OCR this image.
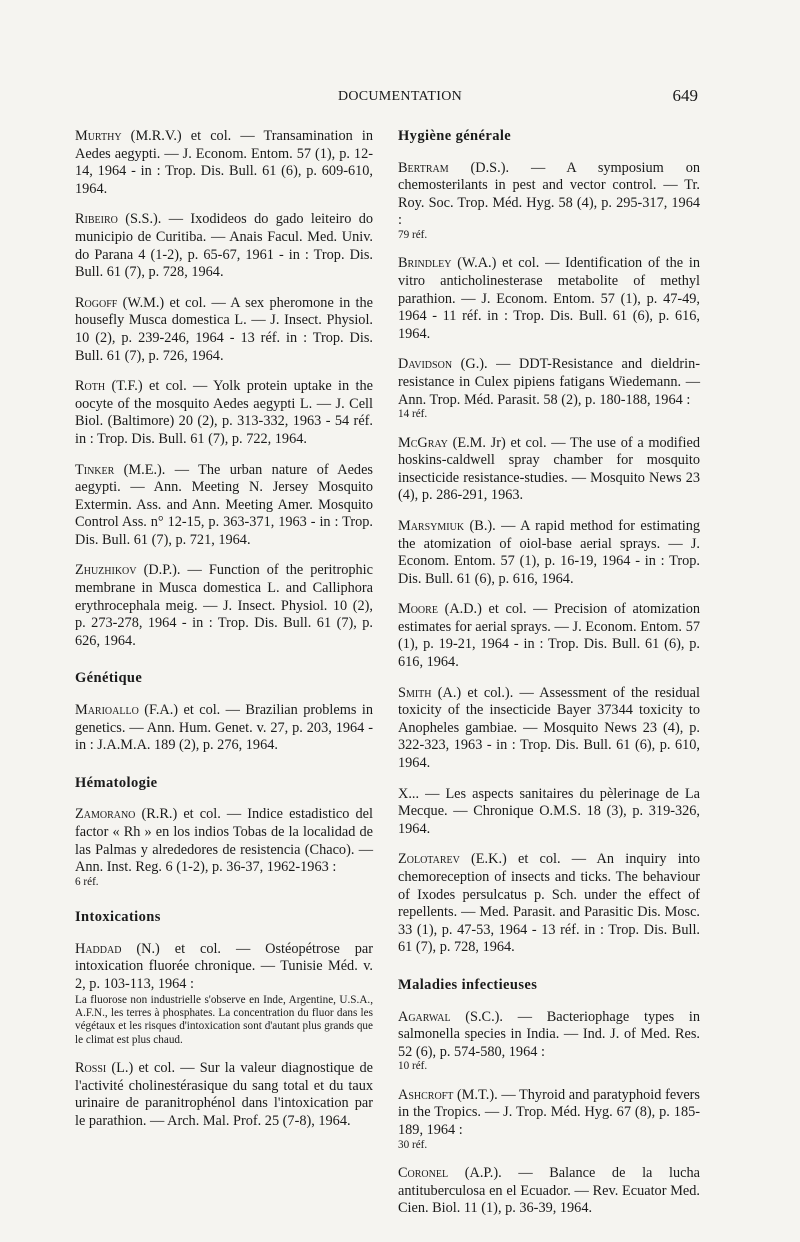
DOCUMENTATION	649
Murthy (M.R.V.) et col. — Transamination in Aedes aegypti. — J. Econom. Entom. 57 (1), p. 12-14, 1964 - in : Trop. Dis. Bull. 61 (6), p. 609-610, 1964.
Ribeiro (S.S.). — Ixodideos do gado leiteiro do municipio de Curitiba. — Anais Facul. Med. Univ. do Parana 4 (1-2), p. 65-67, 1961 - in : Trop. Dis. Bull. 61 (7), p. 728, 1964.
Rogoff (W.M.) et col. — A sex pheromone in the housefly Musca domestica L. — J. Insect. Physiol. 10 (2), p. 239-246, 1964 - 13 réf. in : Trop. Dis. Bull. 61 (7), p. 726, 1964.
Roth (T.F.) et col. — Yolk protein uptake in the oocyte of the mosquito Aedes aegypti L. — J. Cell Biol. (Baltimore) 20 (2), p. 313-332, 1963 - 54 réf. in : Trop. Dis. Bull. 61 (7), p. 722, 1964.
Tinker (M.E.). — The urban nature of Aedes aegypti. — Ann. Meeting N. Jersey Mosquito Extermin. Ass. and Ann. Meeting Amer. Mosquito Control Ass. n° 12-15, p. 363-371, 1963 - in : Trop. Dis. Bull. 61 (7), p. 721, 1964.
Zhuzhikov (D.P.). — Function of the peritrophic membrane in Musca domestica L. and Calliphora erythrocephala meig. — J. Insect. Physiol. 10 (2), p. 273-278, 1964 - in : Trop. Dis. Bull. 61 (7), p. 626, 1964.
Génétique
Marioallo (F.A.) et col. — Brazilian problems in genetics. — Ann. Hum. Genet. v. 27, p. 203, 1964 - in : J.A.M.A. 189 (2), p. 276, 1964.
Hématologie
Zamorano (R.R.) et col. — Indice estadistico del factor « Rh » en los indios Tobas de la localidad de las Palmas y alrededores de resistencia (Chaco). — Ann. Inst. Reg. 6 (1-2), p. 36-37, 1962-1963 :
6 réf.
Intoxications
Haddad (N.) et col. — Ostéopétrose par intoxication fluorée chronique. — Tunisie Méd. v. 2, p. 103-113, 1964 :
La fluorose non industrielle s'observe en Inde, Argentine, U.S.A., A.F.N., les terres à phosphates. La concentration du fluor dans les végétaux et les risques d'intoxication sont d'autant plus grands que le climat est plus chaud.
Rossi (L.) et col. — Sur la valeur diagnostique de l'activité cholinestérasique du sang total et du taux urinaire de paranitrophénol dans l'intoxication par le parathion. — Arch. Mal. Prof. 25 (7-8), 1964.
Hygiène générale
Bertram (D.S.). — A symposium on chemosterilants in pest and vector control. — Tr. Roy. Soc. Trop. Méd. Hyg. 58 (4), p. 295-317, 1964 :
79 réf.
Brindley (W.A.) et col. — Identification of the in vitro anticholinesterase metabolite of methyl parathion. — J. Econom. Entom. 57 (1), p. 47-49, 1964 - 11 réf. in : Trop. Dis. Bull. 61 (6), p. 616, 1964.
Davidson (G.). — DDT-Resistance and dieldrin-resistance in Culex pipiens fatigans Wiedemann. — Ann. Trop. Méd. Parasit. 58 (2), p. 180-188, 1964 :
14 réf.
McGray (E.M. Jr) et col. — The use of a modified hoskins-caldwell spray chamber for mosquito insecticide resistance-studies. — Mosquito News 23 (4), p. 286-291, 1963.
Marsymiuk (B.). — A rapid method for estimating the atomization of oiol-base aerial sprays. — J. Econom. Entom. 57 (1), p. 16-19, 1964 - in : Trop. Dis. Bull. 61 (6), p. 616, 1964.
Moore (A.D.) et col. — Precision of atomization estimates for aerial sprays. — J. Econom. Entom. 57 (1), p. 19-21, 1964 - in : Trop. Dis. Bull. 61 (6), p. 616, 1964.
Smith (A.) et col.). — Assessment of the residual toxicity of the insecticide Bayer 37344 toxicity to Anopheles gambiae. — Mosquito News 23 (4), p. 322-323, 1963 - in : Trop. Dis. Bull. 61 (6), p. 610, 1964.
X... — Les aspects sanitaires du pèlerinage de La Mecque. — Chronique O.M.S. 18 (3), p. 319-326, 1964.
Zolotarev (E.K.) et col. — An inquiry into chemoreception of insects and ticks. The behaviour of Ixodes persulcatus p. Sch. under the effect of repellents. — Med. Parasit. and Parasitic Dis. Mosc. 33 (1), p. 47-53, 1964 - 13 réf. in : Trop. Dis. Bull. 61 (7), p. 728, 1964.
Maladies infectieuses
Agarwal (S.C.). — Bacteriophage types in salmonella species in India. — Ind. J. of Med. Res. 52 (6), p. 574-580, 1964 :
10 réf.
Ashcroft (M.T.). — Thyroid and paratyphoid fevers in the Tropics. — J. Trop. Méd. Hyg. 67 (8), p. 185-189, 1964 :
30 réf.
Coronel (A.P.). — Balance de la lucha antituberculosa en el Ecuador. — Rev. Ecuator Med. Cien. Biol. 11 (1), p. 36-39, 1964.
